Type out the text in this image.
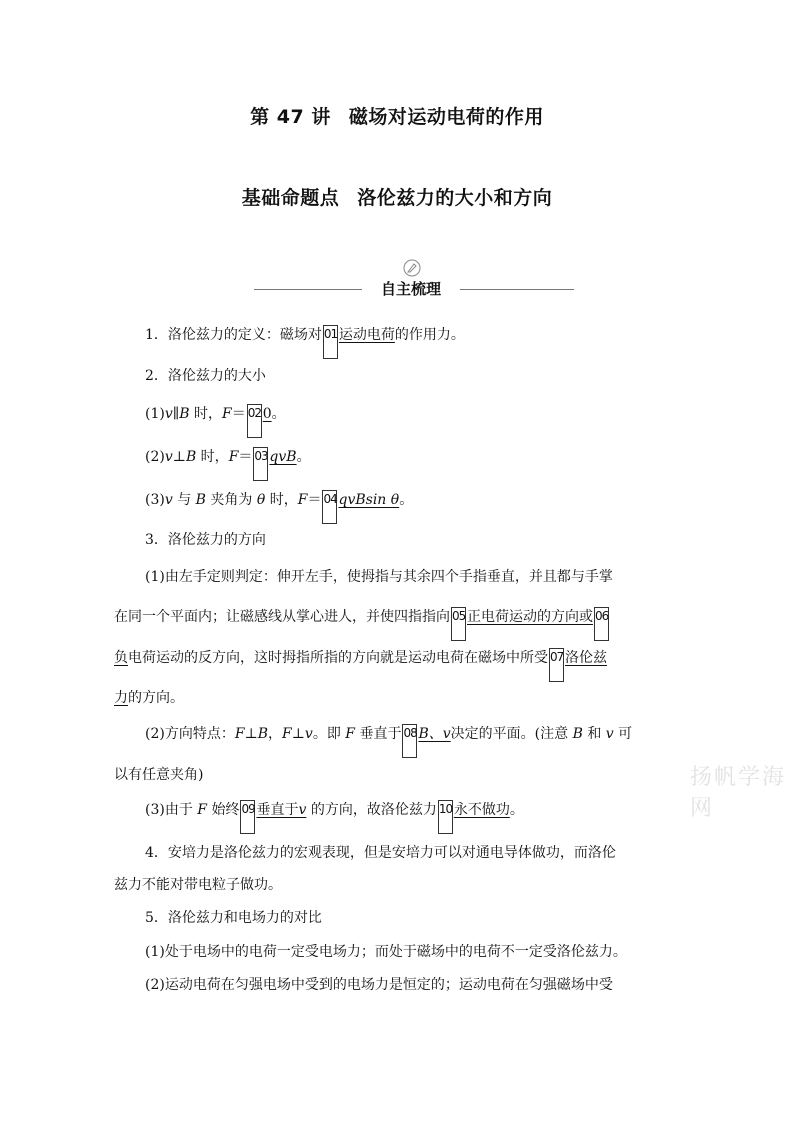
第 47 讲 磁场对运动电荷的作用
基础命题点 洛伦兹力的大小和方向
自主梳理
1．洛伦兹力的定义：磁场对 01 运动电荷的作用力。
2．洛伦兹力的大小
(1)v∥B 时，F＝ 02 0。
(2)v⊥B 时，F＝ 03 qvB。
(3)v 与 B 夹角为 θ 时，F＝ 04 qvBsin θ。
3．洛伦兹力的方向
(1)由左手定则判定：伸开左手，使拇指与其余四个手指垂直，并且都与手掌
在同一个平面内；让磁感线从掌心进人，并使四指指向 05 正电荷运动的方向或 06
负电荷运动的反方向，这时拇指所指的方向就是运动电荷在磁场中所受 07 洛伦兹
力的方向。
(2)方向特点：F⊥B，F⊥v。即 F 垂直于 08 B、v决定的平面。(注意 B 和 v 可
以有任意夹角)
(3)由于 F 始终 09 垂直于v 的方向，故洛伦兹力 10 永不做功。
4．安培力是洛伦兹力的宏观表现，但是安培力可以对通电导体做功，而洛伦
兹力不能对带电粒子做功。
5．洛伦兹力和电场力的对比
(1)处于电场中的电荷一定受电场力；而处于磁场中的电荷不一定受洛伦兹力。
(2)运动电荷在匀强电场中受到的电场力是恒定的；运动电荷在匀强磁场中受
扬帆学海网
